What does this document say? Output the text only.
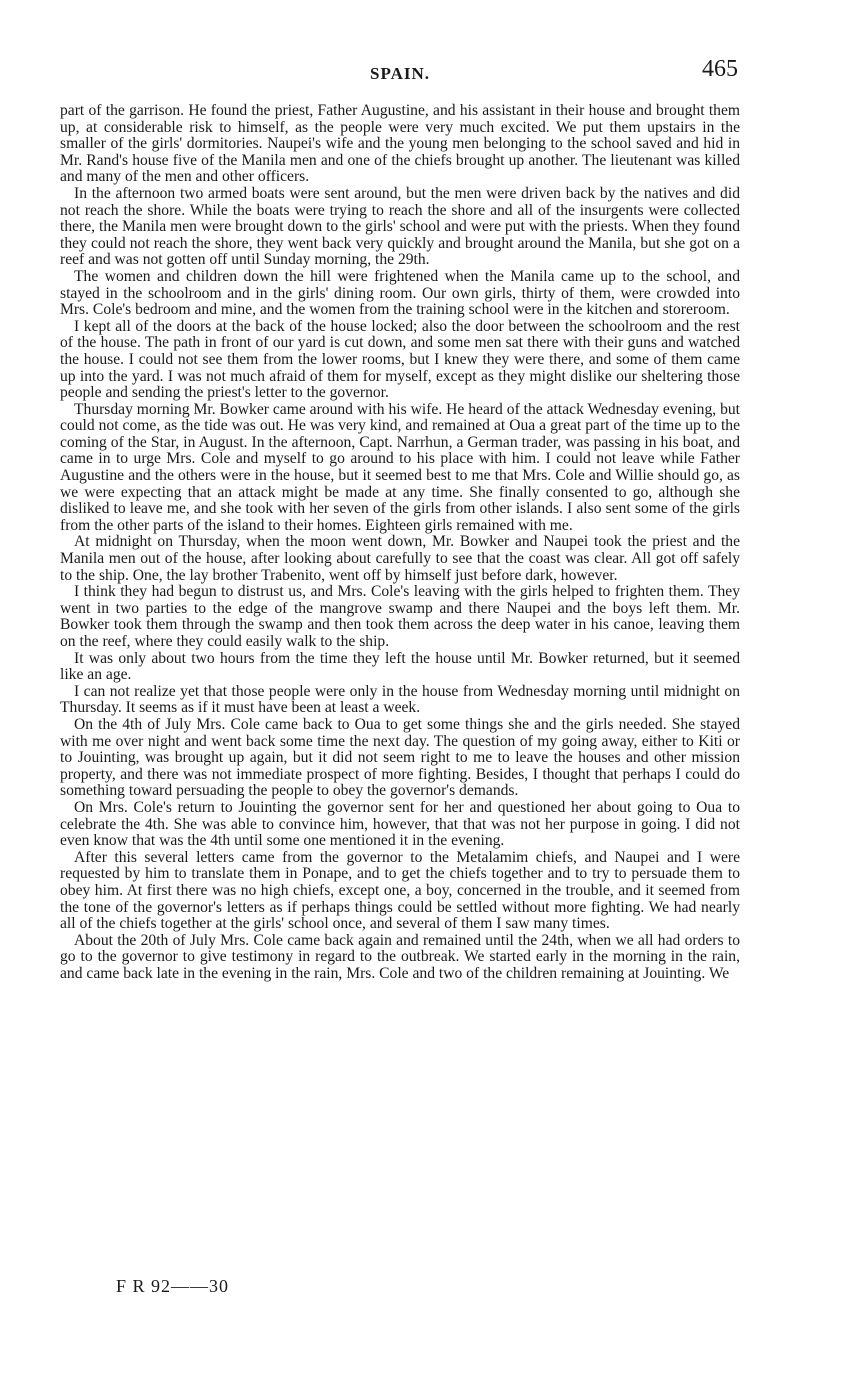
SPAIN.	465

part of the garrison. He found the priest, Father Augustine, and his assistant in their house and brought them up, at considerable risk to himself, as the people were very much excited. We put them upstairs in the smaller of the girls' dormitories. Naupei's wife and the young men belonging to the school saved and hid in Mr. Rand's house five of the Manila men and one of the chiefs brought up another. The lieutenant was killed and many of the men and other officers.

In the afternoon two armed boats were sent around, but the men were driven back by the natives and did not reach the shore. While the boats were trying to reach the shore and all of the insurgents were collected there, the Manila men were brought down to the girls' school and were put with the priests. When they found they could not reach the shore, they went back very quickly and brought around the Manila, but she got on a reef and was not gotten off until Sunday morning, the 29th.

The women and children down the hill were frightened when the Manila came up to the school, and stayed in the schoolroom and in the girls' dining room. Our own girls, thirty of them, were crowded into Mrs. Cole's bedroom and mine, and the women from the training school were in the kitchen and storeroom.

I kept all of the doors at the back of the house locked; also the door between the schoolroom and the rest of the house. The path in front of our yard is cut down, and some men sat there with their guns and watched the house. I could not see them from the lower rooms, but I knew they were there, and some of them came up into the yard. I was not much afraid of them for myself, except as they might dislike our sheltering those people and sending the priest's letter to the governor.

Thursday morning Mr. Bowker came around with his wife. He heard of the attack Wednesday evening, but could not come, as the tide was out. He was very kind, and remained at Oua a great part of the time up to the coming of the Star, in August. In the afternoon, Capt. Narrhun, a German trader, was passing in his boat, and came in to urge Mrs. Cole and myself to go around to his place with him. I could not leave while Father Augustine and the others were in the house, but it seemed best to me that Mrs. Cole and Willie should go, as we were expecting that an attack might be made at any time. She finally consented to go, although she disliked to leave me, and she took with her seven of the girls from other islands. I also sent some of the girls from the other parts of the island to their homes. Eighteen girls remained with me.

At midnight on Thursday, when the moon went down, Mr. Bowker and Naupei took the priest and the Manila men out of the house, after looking about carefully to see that the coast was clear. All got off safely to the ship. One, the lay brother Trabenito, went off by himself just before dark, however.

I think they had begun to distrust us, and Mrs. Cole's leaving with the girls helped to frighten them. They went in two parties to the edge of the mangrove swamp and there Naupei and the boys left them. Mr. Bowker took them through the swamp and then took them across the deep water in his canoe, leaving them on the reef, where they could easily walk to the ship.

It was only about two hours from the time they left the house until Mr. Bowker returned, but it seemed like an age.

I can not realize yet that those people were only in the house from Wednesday morning until midnight on Thursday. It seems as if it must have been at least a week.

On the 4th of July Mrs. Cole came back to Oua to get some things she and the girls needed. She stayed with me over night and went back some time the next day. The question of my going away, either to Kiti or to Jouinting, was brought up again, but it did not seem right to me to leave the houses and other mission property, and there was not immediate prospect of more fighting. Besides, I thought that perhaps I could do something toward persuading the people to obey the governor's demands.

On Mrs. Cole's return to Jouinting the governor sent for her and questioned her about going to Oua to celebrate the 4th. She was able to convince him, however, that that was not her purpose in going. I did not even know that was the 4th until some one mentioned it in the evening.

After this several letters came from the governor to the Metalamim chiefs, and Naupei and I were requested by him to translate them in Ponape, and to get the chiefs together and to try to persuade them to obey him. At first there was no high chiefs, except one, a boy, concerned in the trouble, and it seemed from the tone of the governor's letters as if perhaps things could be settled without more fighting. We had nearly all of the chiefs together at the girls' school once, and several of them I saw many times.

About the 20th of July Mrs. Cole came back again and remained until the 24th, when we all had orders to go to the governor to give testimony in regard to the outbreak. We started early in the morning in the rain, and came back late in the evening in the rain, Mrs. Cole and two of the children remaining at Jouinting. We

F R 92——30
